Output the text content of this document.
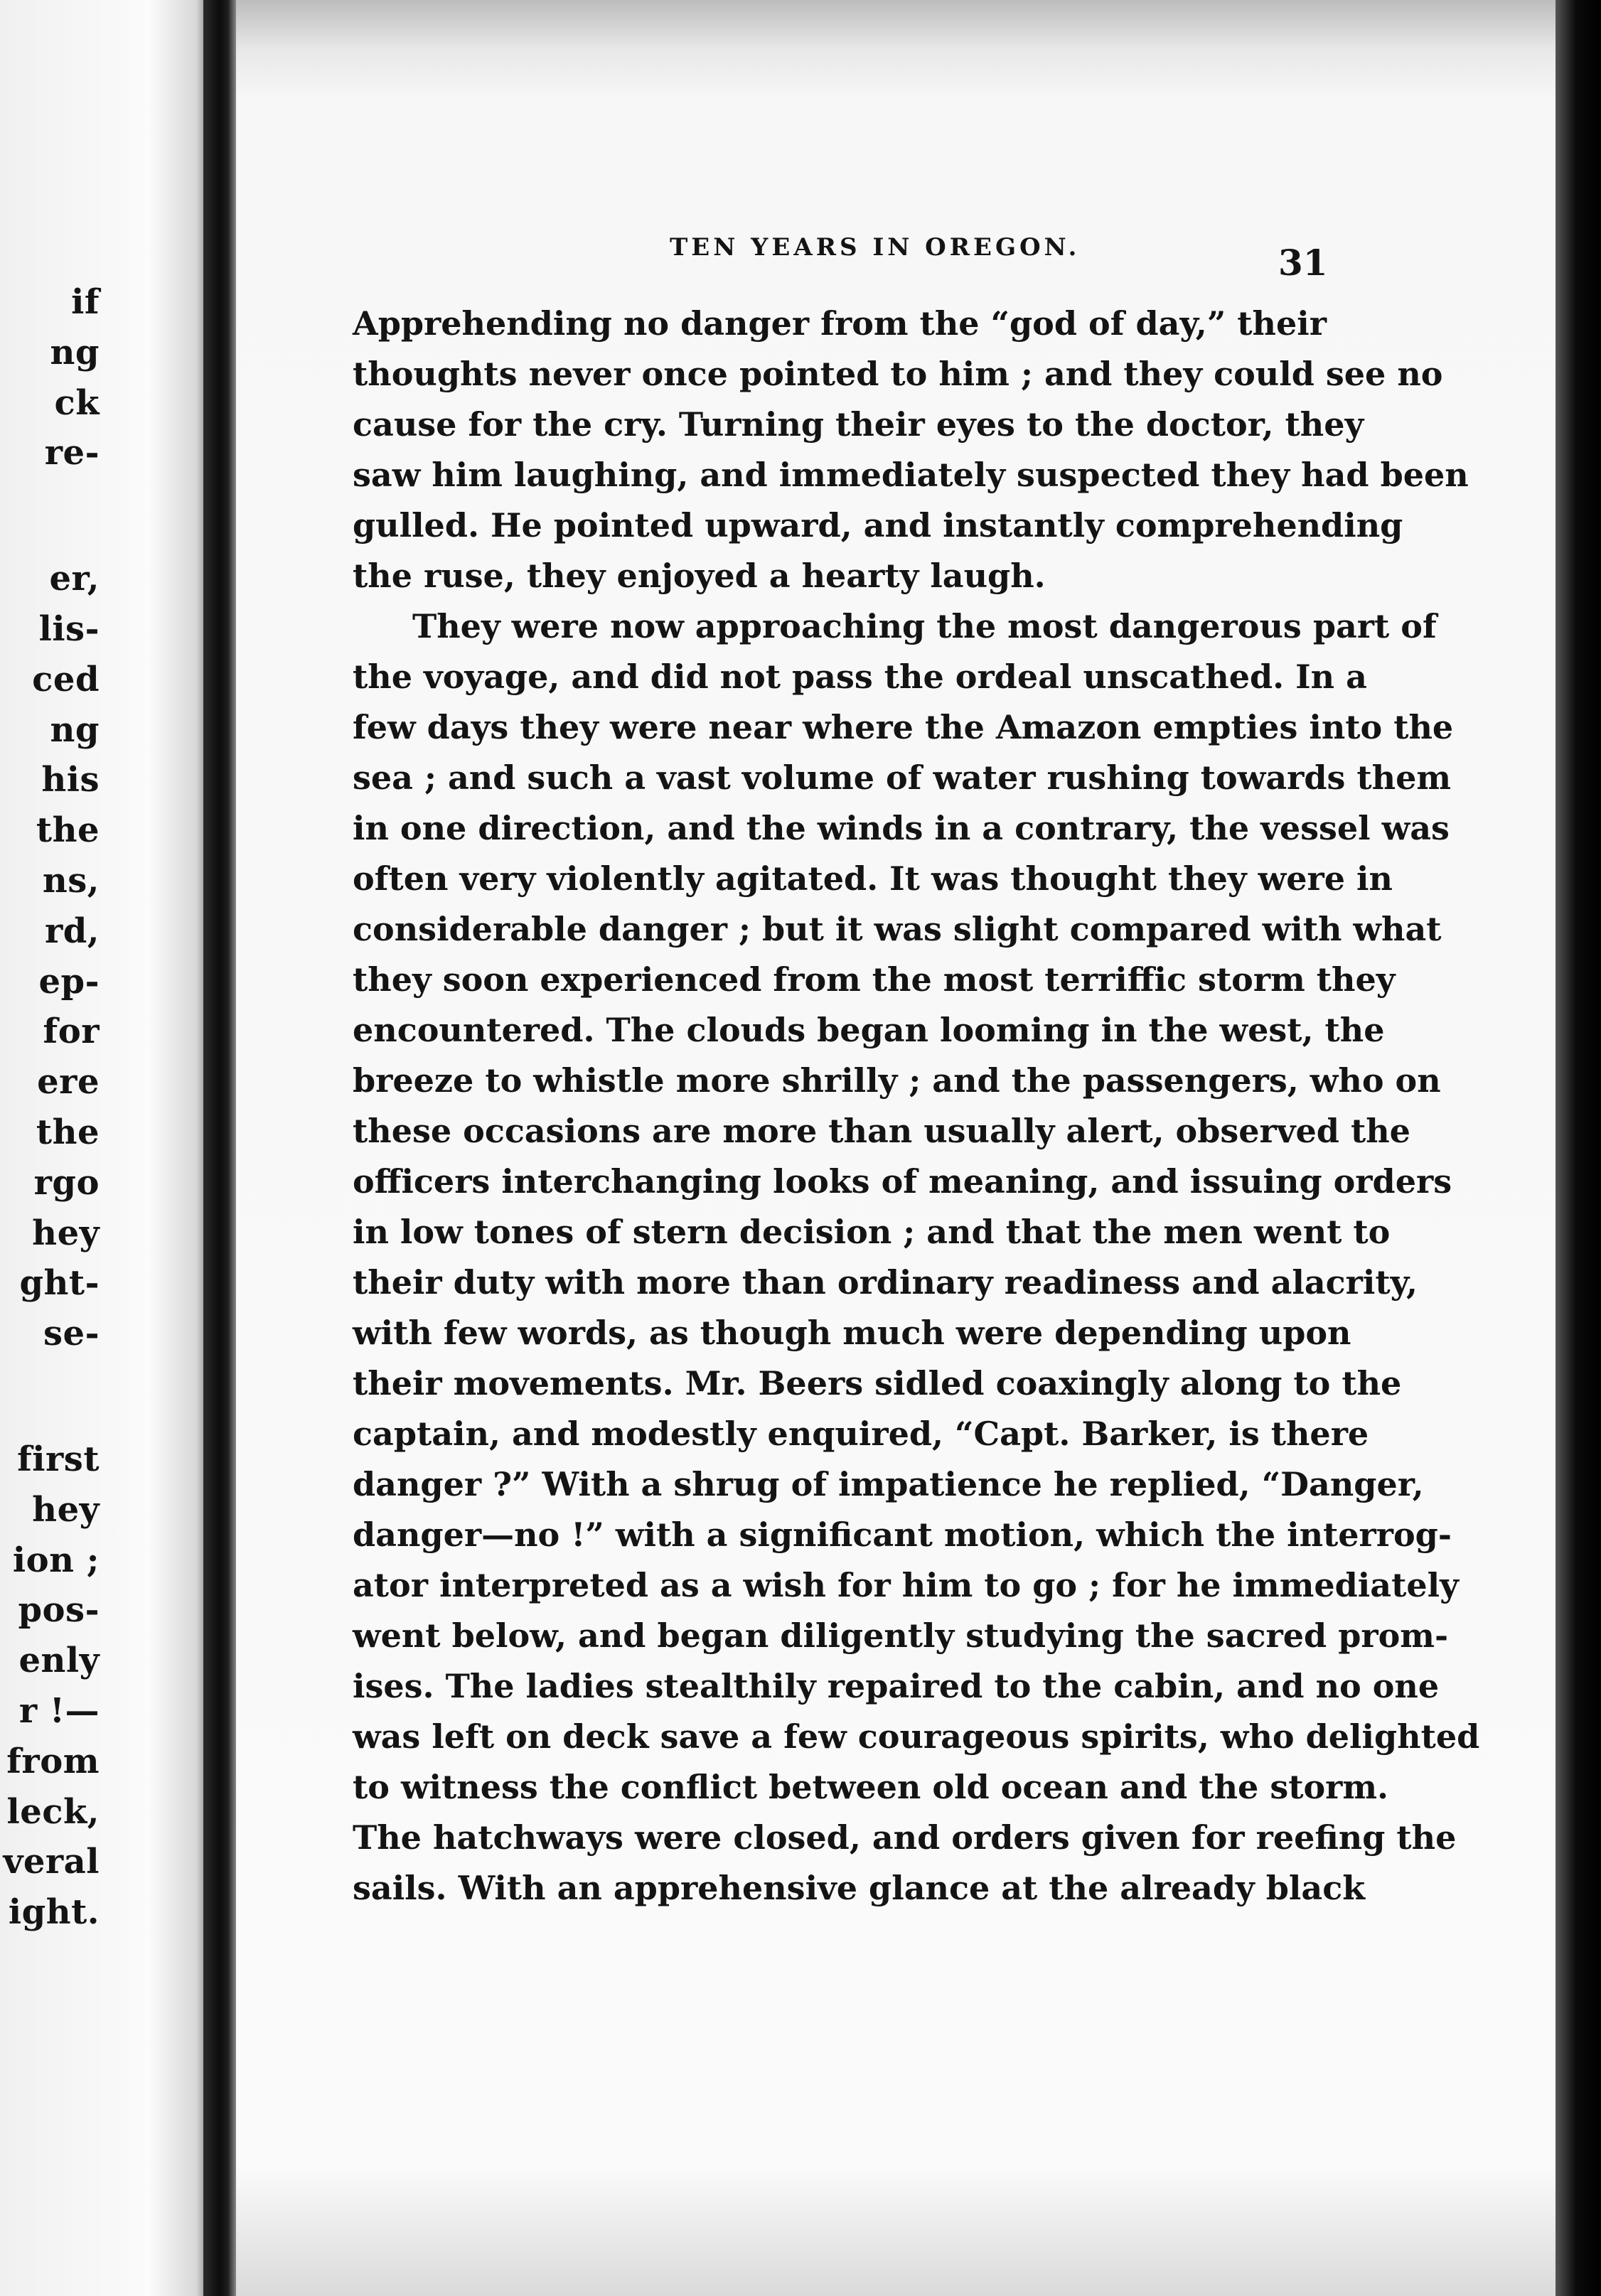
if
ng
ck
re-
er,
lis-
ced
ng
his
the
ns,
rd,
ep-
for
ere
the
rgo
hey
ght-
se-
first
hey
ion ;
pos-
enly
r !—
from
leck,
veral
ight.
TEN YEARS IN OREGON.	31
Apprehending no danger from the “god of day,” their
thoughts never once pointed to him ; and they could see no
cause for the cry. Turning their eyes to the doctor, they
saw him laughing, and immediately suspected they had been
gulled. He pointed upward, and instantly comprehending
the ruse, they enjoyed a hearty laugh.
They were now approaching the most dangerous part of
the voyage, and did not pass the ordeal unscathed. In a
few days they were near where the Amazon empties into the
sea ; and such a vast volume of water rushing towards them
in one direction, and the winds in a contrary, the vessel was
often very violently agitated. It was thought they were in
considerable danger ; but it was slight compared with what
they soon experienced from the most terriffic storm they
encountered. The clouds began looming in the west, the
breeze to whistle more shrilly ; and the passengers, who on
these occasions are more than usually alert, observed the
officers interchanging looks of meaning, and issuing orders
in low tones of stern decision ; and that the men went to
their duty with more than ordinary readiness and alacrity,
with few words, as though much were depending upon
their movements. Mr. Beers sidled coaxingly along to the
captain, and modestly enquired, “Capt. Barker, is there
danger ?” With a shrug of impatience he replied, “Danger,
danger—no !” with a significant motion, which the interrog-
ator interpreted as a wish for him to go ; for he immediately
went below, and began diligently studying the sacred prom-
ises. The ladies stealthily repaired to the cabin, and no one
was left on deck save a few courageous spirits, who delighted
to witness the conflict between old ocean and the storm.
The hatchways were closed, and orders given for reefing the
sails. With an apprehensive glance at the already black
